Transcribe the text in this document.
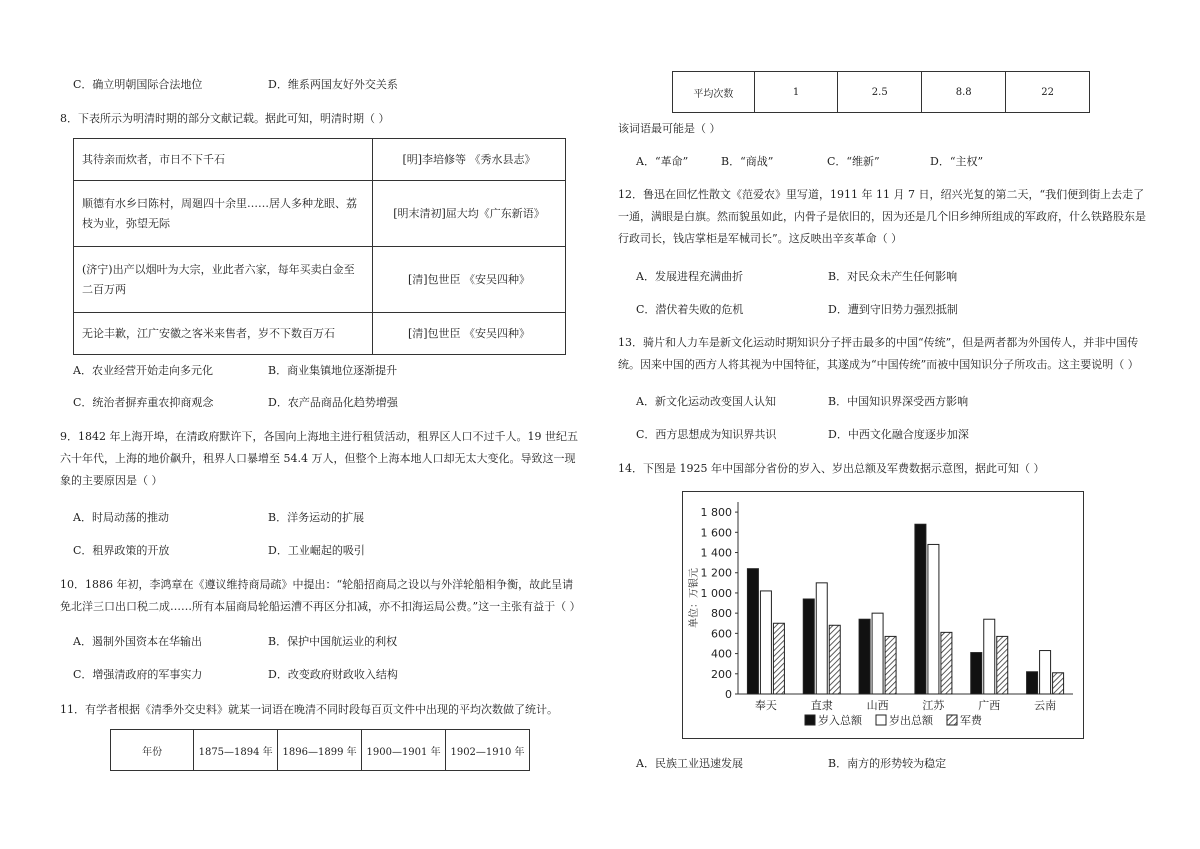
C．确立明朝国际合法地位	D．维系两国友好外交关系
8．下表所示为明清时期的部分文献记载。据此可知，明清时期（ ）
其待亲而炊者，市日不下千石	[明]李培修等 《秀水县志》
顺德有水乡曰陈村，周廻四十余里……居人多种龙眼、荔枝为业，弥望无际	[明末清初]屈大均《广东新语》
(济宁)出产以烟叶为大宗，业此者六家，每年买卖白金至二百万两	[清]包世臣 《安吴四种》
无论丰歉，江广安徽之客米来售者，岁不下数百万石	[清]包世臣 《安吴四种》
A．农业经营开始走向多元化	B．商业集镇地位逐渐提升
C．统治者摒弃重农抑商观念	D．农产品商品化趋势增强
9．1842 年上海开埠，在清政府默许下，各国向上海地主进行租赁活动，租界区人口不过千人。19 世纪五六十年代，上海的地价飙升，租界人口暴增至 54.4 万人，但整个上海本地人口却无太大变化。导致这一现象的主要原因是（ ）
A．时局动荡的推动	B．洋务运动的扩展
C．租界政策的开放	D．工业崛起的吸引
10．1886 年初，李鸿章在《遵议维持商局疏》中提出：“轮船招商局之设以与外洋轮船相争衡，故此呈请免北洋三口出口税二成……所有本届商局轮船运漕不再区分扣减，亦不扣海运局公费。”这一主张有益于（ ）
A．遏制外国资本在华输出	B．保护中国航运业的利权
C．增强清政府的军事实力	D．改变政府财政收入结构
11．有学者根据《清季外交史料》就某一词语在晚清不同时段每百页文件中出现的平均次数做了统计。
年份	1875—1894 年	1896—1899 年	1900—1901 年	1902—1910 年
平均次数	1	2.5	8.8	22
该词语最可能是（ ）
A．“革命”	B．“商战”	C．“维新”	D．“主权”
12．鲁迅在回忆性散文《范爱农》里写道，1911 年 11 月 7 日，绍兴光复的第二天，“我们便到街上去走了一通，满眼是白旗。然而貌虽如此，内骨子是依旧的，因为还是几个旧乡绅所组成的军政府，什么铁路股东是行政司长，钱店掌柜是军械司长”。这反映出辛亥革命（ ）
A．发展进程充满曲折	B．对民众未产生任何影响
C．潜伏着失败的危机	D．遭到守旧势力强烈抵制
13．骑片和人力车是新文化运动时期知识分子抨击最多的中国“传统”，但是两者都为外国传人，并非中国传统。因来中国的西方人将其视为中国特征，其遂成为“中国传统”而被中国知识分子所攻击。这主要说明（ ）
A．新文化运动改变国人认知	B．中国知识界深受西方影响
C．西方思想成为知识界共识	D．中西文化融合度逐步加深
14．下图是 1925 年中国部分省份的岁入、岁出总额及军费数据示意图，据此可知（ ）
0
200
400
600
800
1 000
1 200
1 400
1 600
1 800
单位：万银元
奉天	直隶	山西	江苏	广西	云南
岁入总额 岁出总额 军费
A．民族工业迅速发展	B．南方的形势较为稳定
